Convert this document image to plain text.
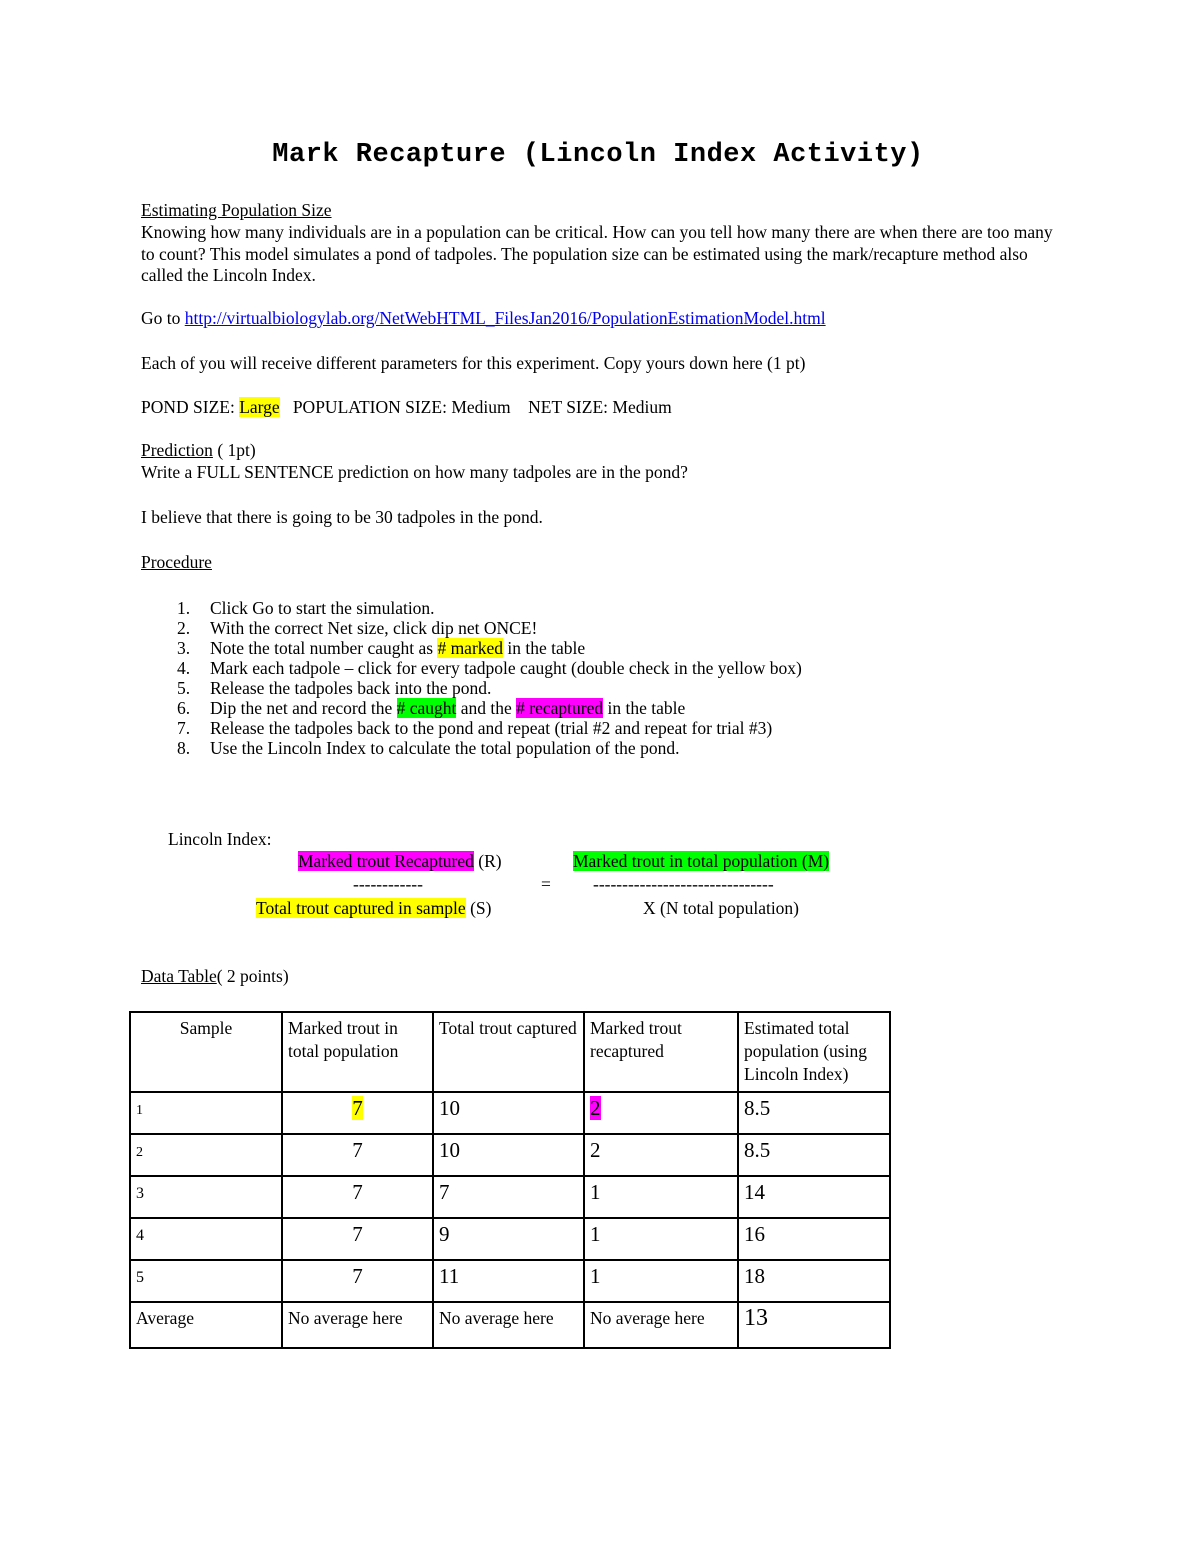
Mark Recapture (Lincoln Index Activity)
Estimating Population Size
Knowing how many individuals are in a population can be critical. How can you tell how many there are when there are too many to count? This model simulates a pond of tadpoles. The population size can be estimated using the mark/recapture method also called the Lincoln Index.
Go to http://virtualbiologylab.org/NetWebHTML_FilesJan2016/PopulationEstimationModel.html
Each of you will receive different parameters for this experiment. Copy yours down here (1 pt)
POND SIZE: Large POPULATION SIZE: Medium NET SIZE: Medium
Prediction ( 1pt)
Write a FULL SENTENCE prediction on how many tadpoles are in the pond?
I believe that there is going to be 30 tadpoles in the pond.
Procedure
1. Click Go to start the simulation.
2. With the correct Net size, click dip net ONCE!
3. Note the total number caught as # marked in the table
4. Mark each tadpole – click for every tadpole caught (double check in the yellow box)
5. Release the tadpoles back into the pond.
6. Dip the net and record the # caught and the # recaptured in the table
7. Release the tadpoles back to the pond and repeat (trial #2 and repeat for trial #3)
8. Use the Lincoln Index to calculate the total population of the pond.
Lincoln Index:
Marked trout Recaptured (R)
------------	=
Total trout captured in sample (S)
Marked trout in total population (M)
-------------------------------
X (N total population)
Data Table( 2 points)
Sample	Marked trout in total population	Total trout captured	Marked trout recaptured	Estimated total population (using Lincoln Index)
1	7	10	2	8.5
2	7	10	2	8.5
3	7	7	1	14
4	7	9	1	16
5	7	11	1	18
Average	No average here	No average here	No average here	13
